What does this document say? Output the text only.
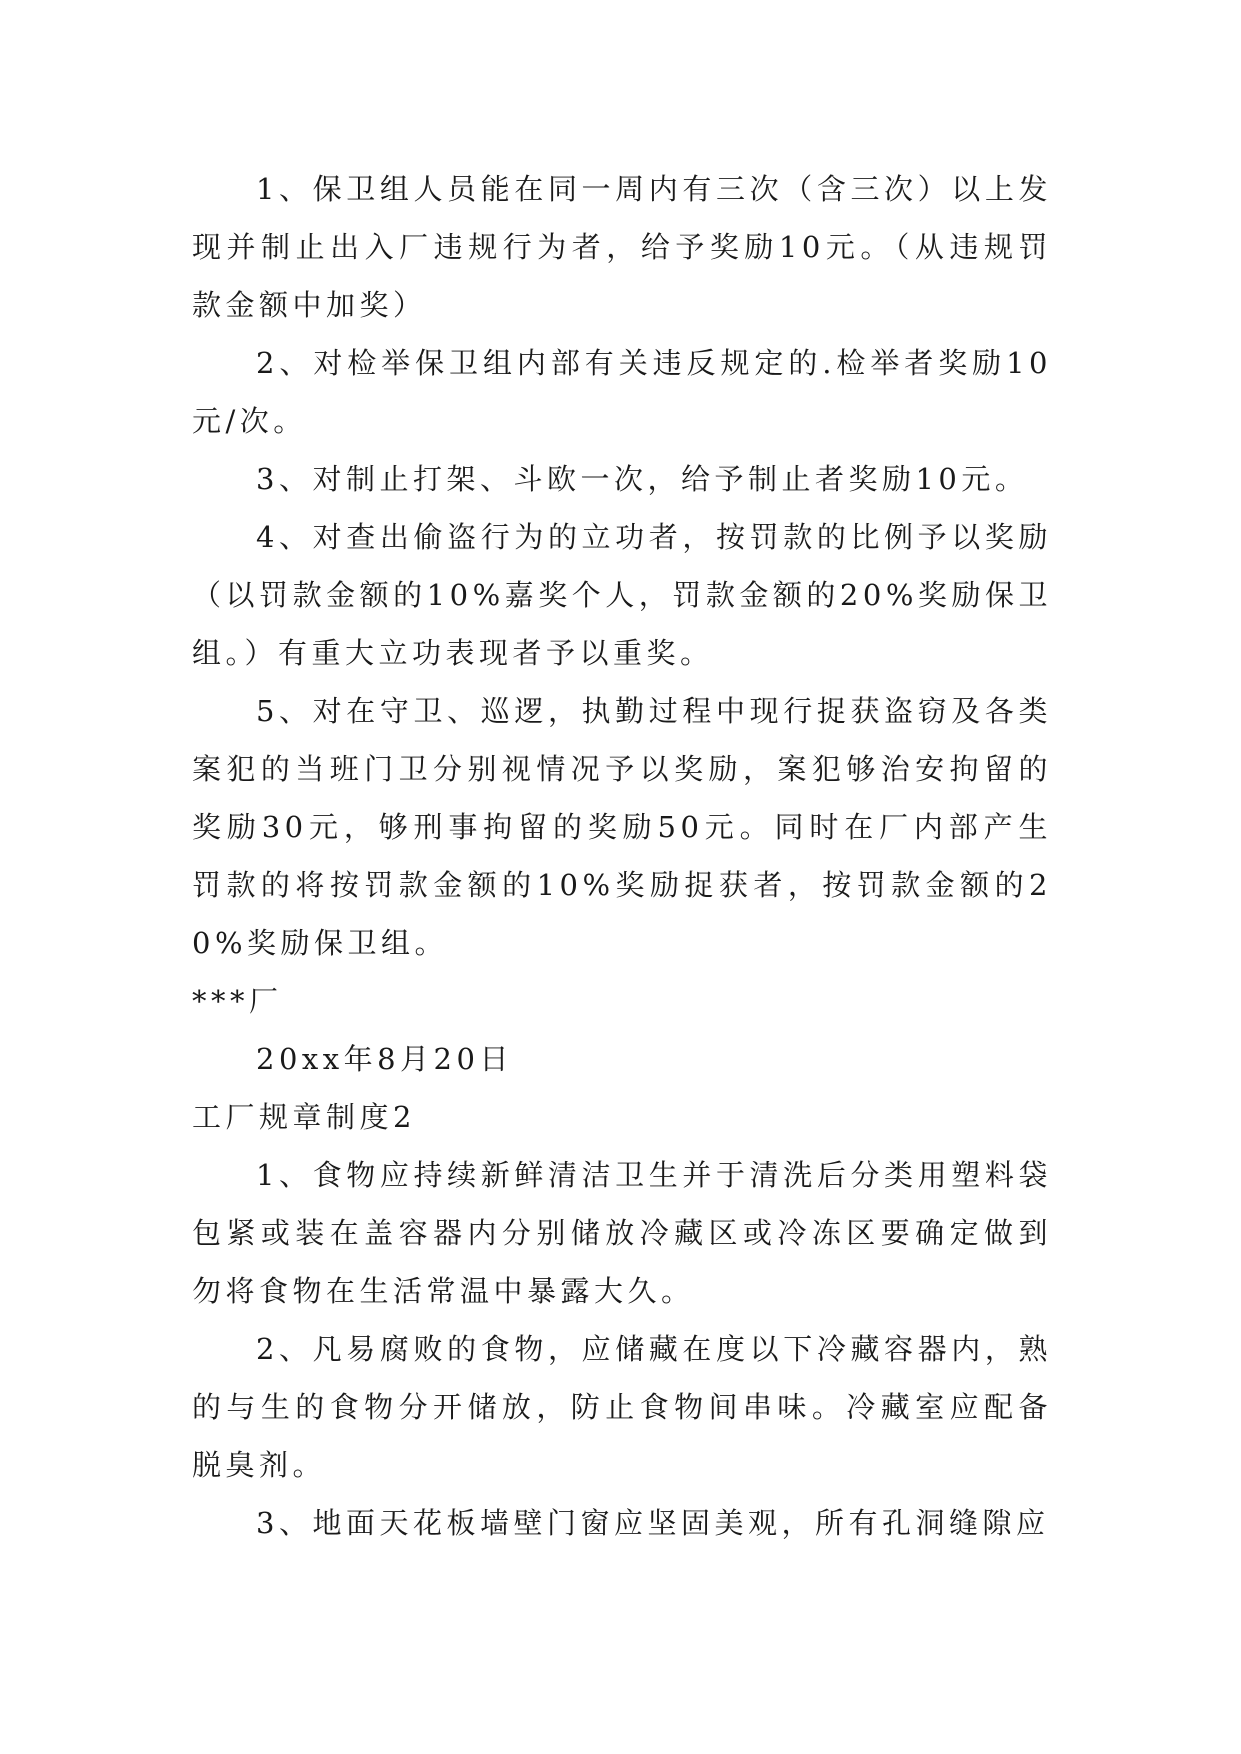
1、保卫组人员能在同一周内有三次（含三次）以上发现并制止出入厂违规行为者，给予奖励10元。（从违规罚款金额中加奖）

2、对检举保卫组内部有关违反规定的.检举者奖励10元/次。

3、对制止打架、斗欧一次，给予制止者奖励10元。

4、对查出偷盗行为的立功者，按罚款的比例予以奖励（以罚款金额的10%嘉奖个人，罚款金额的20%奖励保卫组。）有重大立功表现者予以重奖。

5、对在守卫、巡逻，执勤过程中现行捉获盗窃及各类案犯的当班门卫分别视情况予以奖励，案犯够治安拘留的奖励30元，够刑事拘留的奖励50元。同时在厂内部产生罚款的将按罚款金额的10%奖励捉获者，按罚款金额的20%奖励保卫组。

***厂

20xx年8月20日

工厂规章制度2

1、食物应持续新鲜清洁卫生并于清洗后分类用塑料袋包紧或装在盖容器内分别储放冷藏区或冷冻区要确定做到勿将食物在生活常温中暴露大久。

2、凡易腐败的食物，应储藏在度以下冷藏容器内，熟的与生的食物分开储放，防止食物间串味。冷藏室应配备脱臭剂。

3、地面天花板墙壁门窗应坚固美观，所有孔洞缝隙应
